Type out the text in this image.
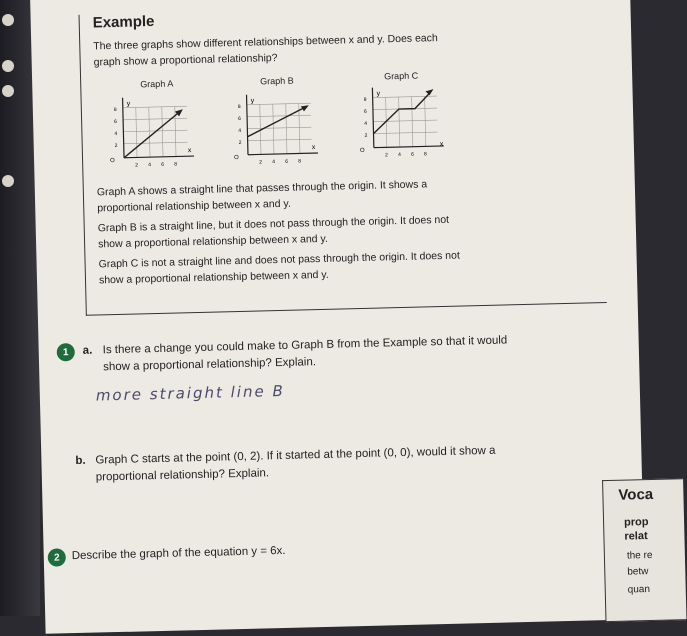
Example
The three graphs show different relationships between x and y. Does each
graph show a proportional relationship?
Graph A	Graph B	Graph C
y
x
8
6
4
2
O
2 4 6 8
y
x
8
6
4
2
O
2 4 6 8
y
x
8
6
4
2
O
2 4 6 8
Graph A shows a straight line that passes through the origin. It shows a
proportional relationship between x and y.
Graph B is a straight line, but it does not pass through the origin. It does not
show a proportional relationship between x and y.
Graph C is not a straight line and does not pass through the origin. It does not
show a proportional relationship between x and y.
1	a. Is there a change you could make to Graph B from the Example so that it would
show a proportional relationship? Explain.
more straight line B
b. Graph C starts at the point (0, 2). If it started at the point (0, 0), would it show a
proportional relationship? Explain.
2	Describe the graph of the equation y = 6x.
Voca
prop
relat
the re
betw
quan
